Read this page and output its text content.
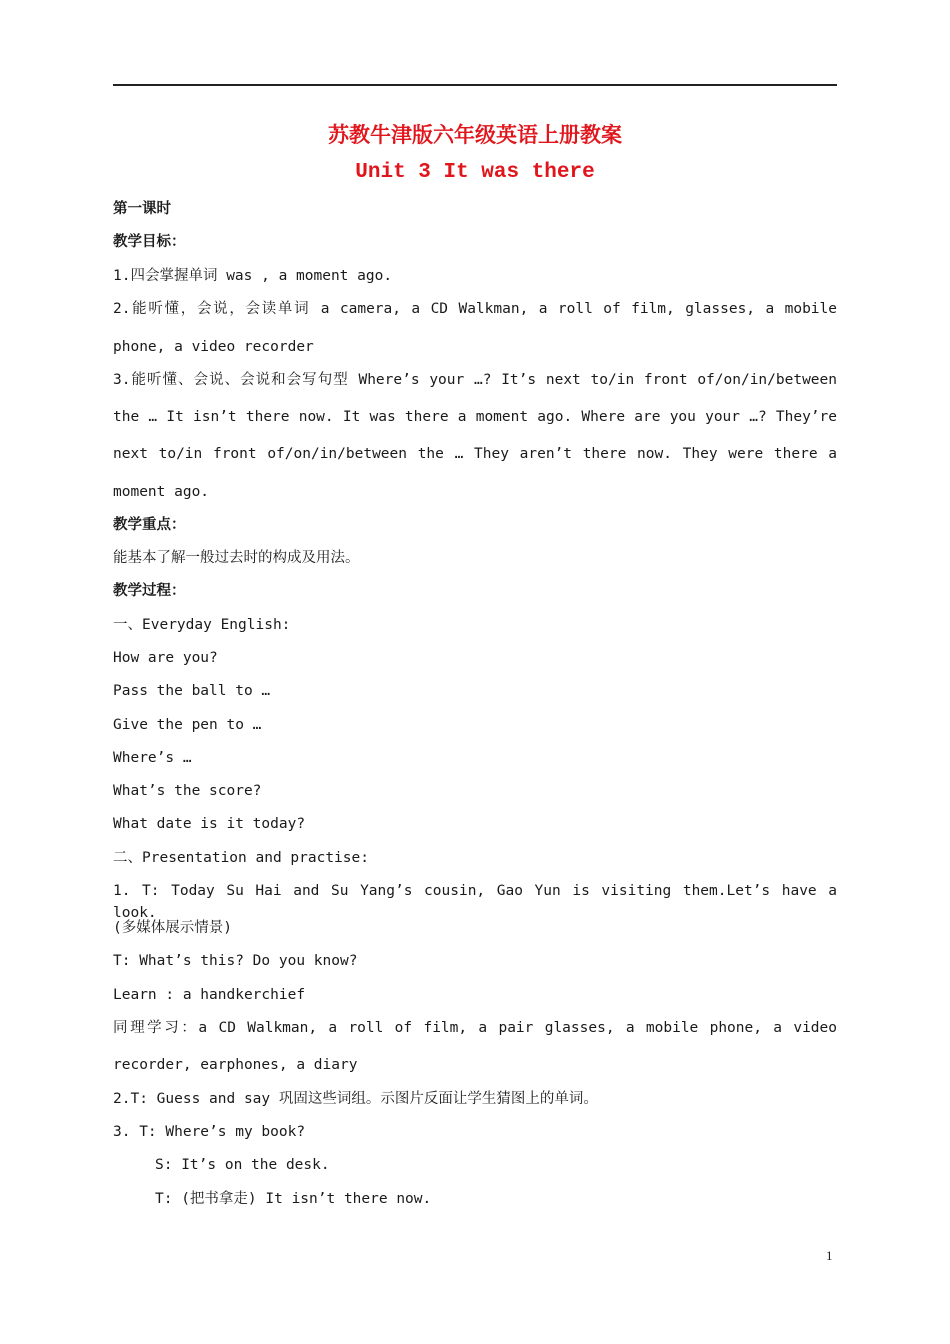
苏教牛津版六年级英语上册教案
Unit 3 It was there
第一课时
教学目标：
1.四会掌握单词 was , a moment ago.
2.能听懂，会说，会读单词 a camera, a CD Walkman, a roll of film, glasses, a mobile
phone, a video recorder
3.能听懂、会说、会说和会写句型 Where’s your …? It’s next to/in front of/on/in/between
the … It isn’t there now. It was there a moment ago. Where are you your …? They’re
next to/in front of/on/in/between the … They aren’t there now. They were there a
moment ago.
教学重点：
能基本了解一般过去时的构成及用法。
教学过程：
一、Everyday English:
How are you?
Pass the ball to …
Give the pen to …
Where’s …
What’s the score?
What date is it today?
二、Presentation and practise:
1. T: Today Su Hai and Su Yang’s cousin, Gao Yun is visiting them.Let’s have a look.
(多媒体展示情景)
T: What’s this? Do you know?
Learn : a handkerchief
同理学习：a CD Walkman, a roll of film, a pair glasses, a mobile phone, a video
recorder, earphones, a diary
2.T: Guess and say 巩固这些词组。示图片反面让学生猜图上的单词。
3. T: Where’s my book?
S: It’s on the desk.
T: (把书拿走) It isn’t there now.
1
